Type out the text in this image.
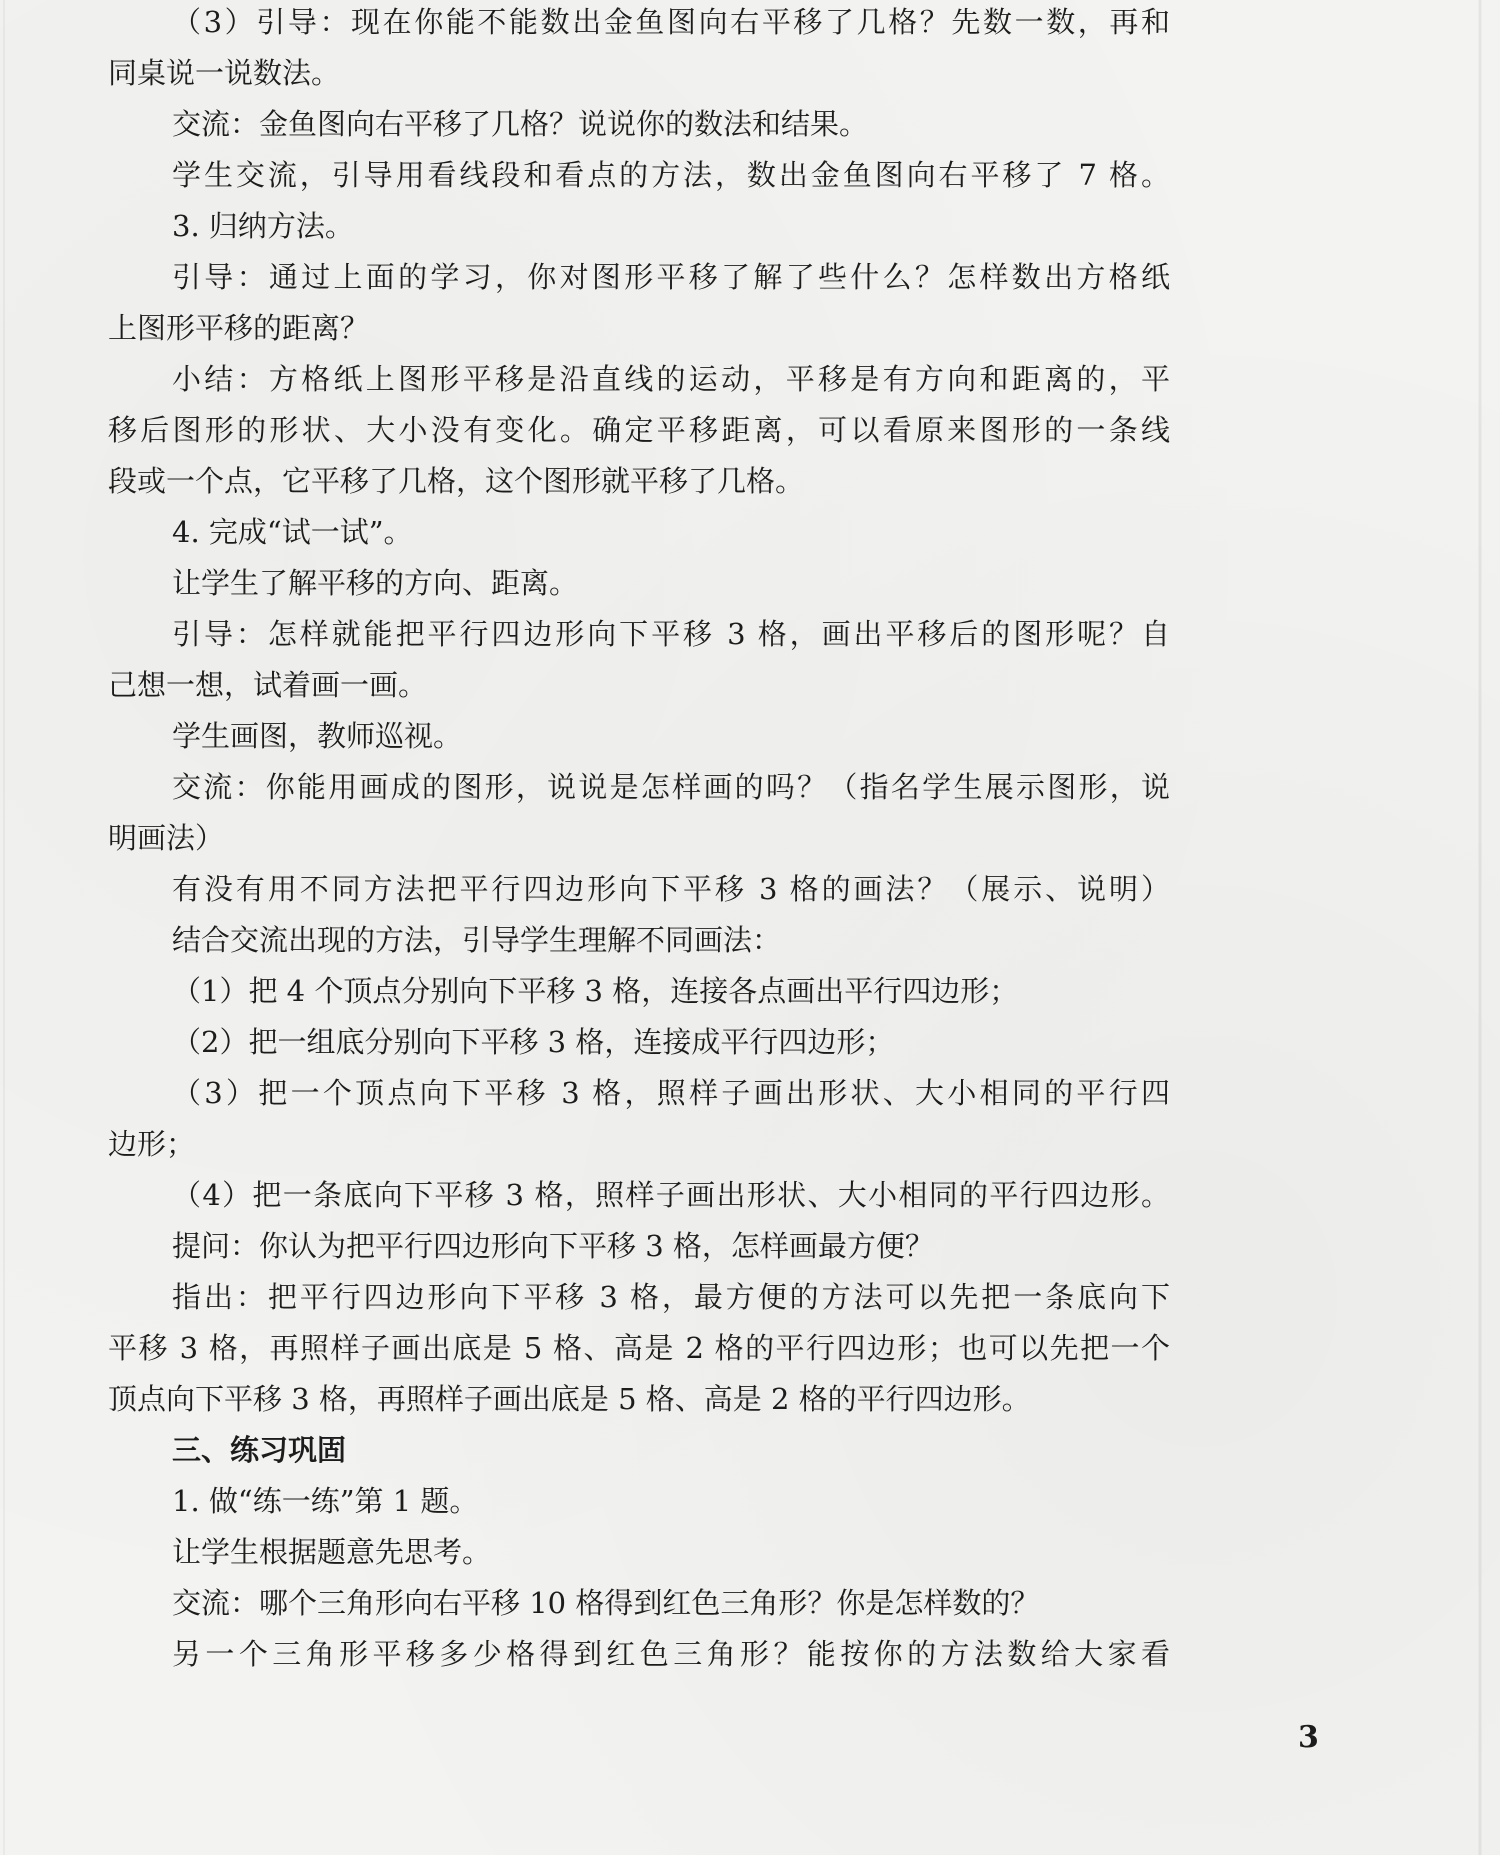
（3）引导：现在你能不能数出金鱼图向右平移了几格？先数一数，再和
同桌说一说数法。
交流：金鱼图向右平移了几格？说说你的数法和结果。
学生交流，引导用看线段和看点的方法，数出金鱼图向右平移了 7 格。
3. 归纳方法。
引导：通过上面的学习，你对图形平移了解了些什么？怎样数出方格纸
上图形平移的距离？
小结：方格纸上图形平移是沿直线的运动，平移是有方向和距离的，平
移后图形的形状、大小没有变化。确定平移距离，可以看原来图形的一条线
段或一个点，它平移了几格，这个图形就平移了几格。
4. 完成“试一试”。
让学生了解平移的方向、距离。
引导：怎样就能把平行四边形向下平移 3 格，画出平移后的图形呢？自
己想一想，试着画一画。
学生画图，教师巡视。
交流：你能用画成的图形，说说是怎样画的吗？（指名学生展示图形，说
明画法）
有没有用不同方法把平行四边形向下平移 3 格的画法？（展示、说明）
结合交流出现的方法，引导学生理解不同画法：
（1）把 4 个顶点分别向下平移 3 格，连接各点画出平行四边形；
（2）把一组底分别向下平移 3 格，连接成平行四边形；
（3）把一个顶点向下平移 3 格，照样子画出形状、大小相同的平行四
边形；
（4）把一条底向下平移 3 格，照样子画出形状、大小相同的平行四边形。
提问：你认为把平行四边形向下平移 3 格，怎样画最方便？
指出：把平行四边形向下平移 3 格，最方便的方法可以先把一条底向下
平移 3 格，再照样子画出底是 5 格、高是 2 格的平行四边形；也可以先把一个
顶点向下平移 3 格，再照样子画出底是 5 格、高是 2 格的平行四边形。
三、练习巩固
1. 做“练一练”第 1 题。
让学生根据题意先思考。
交流：哪个三角形向右平移 10 格得到红色三角形？你是怎样数的？
另一个三角形平移多少格得到红色三角形？能按你的方法数给大家看
3
